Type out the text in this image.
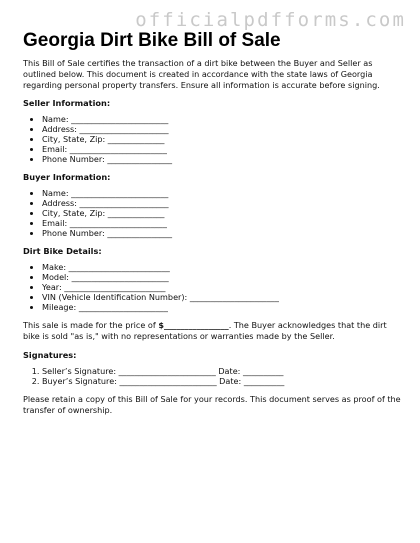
officialpdfforms.com
Georgia Dirt Bike Bill of Sale

This Bill of Sale certifies the transaction of a dirt bike between the Buyer and Seller as outlined below. This document is created in accordance with the state laws of Georgia regarding personal property transfers. Ensure all information is accurate before signing.

Seller Information:
• Name: ________________________
• Address: ______________________
• City, State, Zip: ______________
• Email: ________________________
• Phone Number: ________________
Buyer Information:
• Name: ________________________
• Address: ______________________
• City, State, Zip: ______________
• Email: ________________________
• Phone Number: ________________
Dirt Bike Details:
• Make: _________________________
• Model: ________________________
• Year: _________________________
• VIN (Vehicle Identification Number): ______________________
• Mileage: ______________________

This sale is made for the price of $________________. The Buyer acknowledges that the dirt bike is sold "as is," with no representations or warranties made by the Seller.

Signatures:
1. Seller’s Signature: ________________________ Date: __________
2. Buyer’s Signature: ________________________ Date: __________

Please retain a copy of this Bill of Sale for your records. This document serves as proof of the transfer of ownership.
